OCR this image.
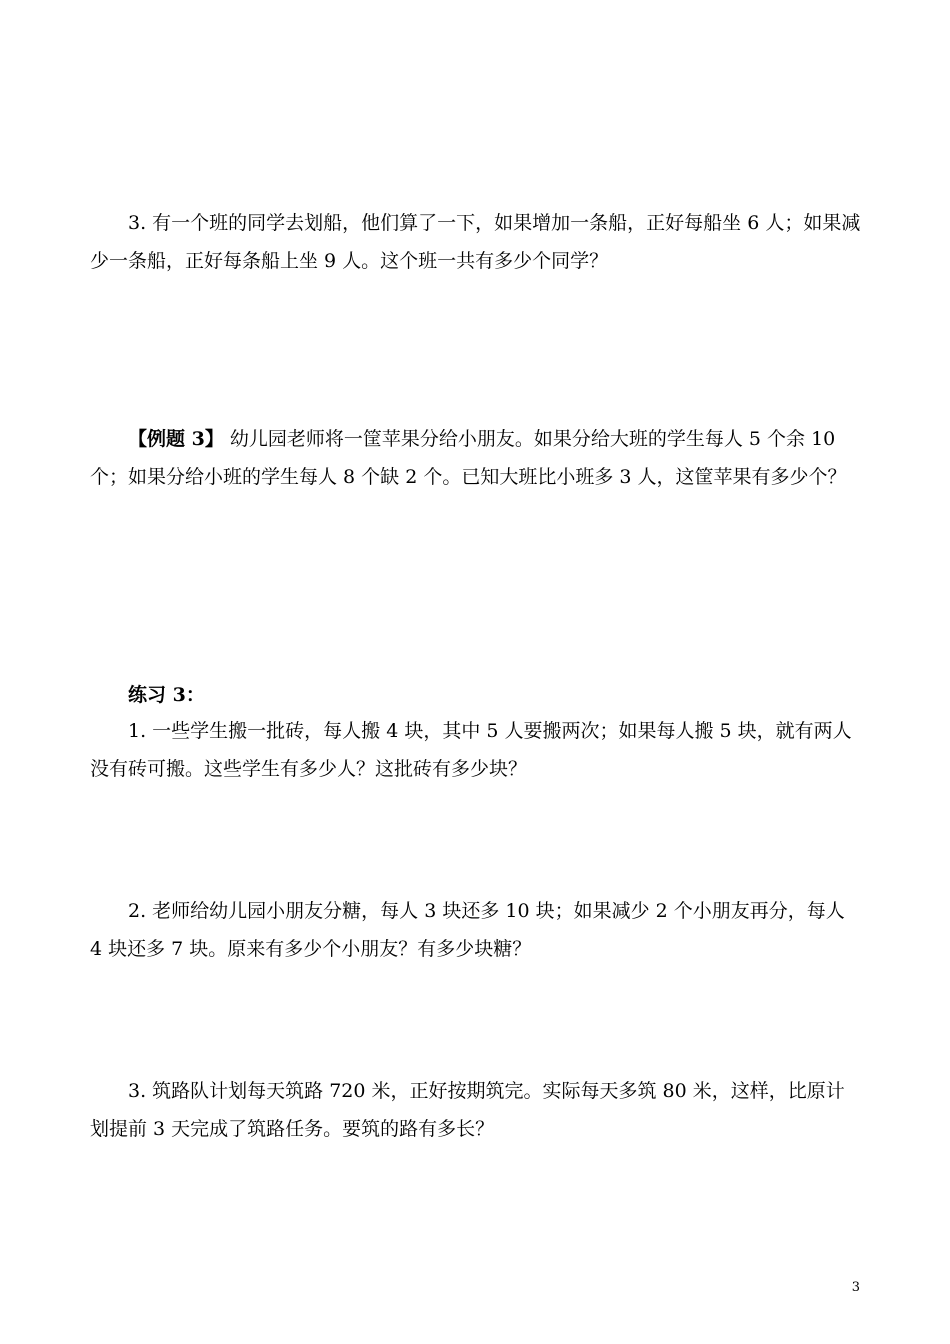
3. 有一个班的同学去划船，他们算了一下，如果增加一条船，正好每船坐 6 人；如果减少一条船，正好每条船上坐 9 人。这个班一共有多少个同学？

【例题 3】 幼儿园老师将一筐苹果分给小朋友。如果分给大班的学生每人 5 个余 10 个；如果分给小班的学生每人 8 个缺 2 个。已知大班比小班多 3 人，这筐苹果有多少个？

练习 3：

1. 一些学生搬一批砖，每人搬 4 块，其中 5 人要搬两次；如果每人搬 5 块，就有两人没有砖可搬。这些学生有多少人？这批砖有多少块？

2. 老师给幼儿园小朋友分糖，每人 3 块还多 10 块；如果减少 2 个小朋友再分，每人 4 块还多 7 块。原来有多少个小朋友？有多少块糖？

3. 筑路队计划每天筑路 720 米，正好按期筑完。实际每天多筑 80 米，这样，比原计划提前 3 天完成了筑路任务。要筑的路有多长？

3
